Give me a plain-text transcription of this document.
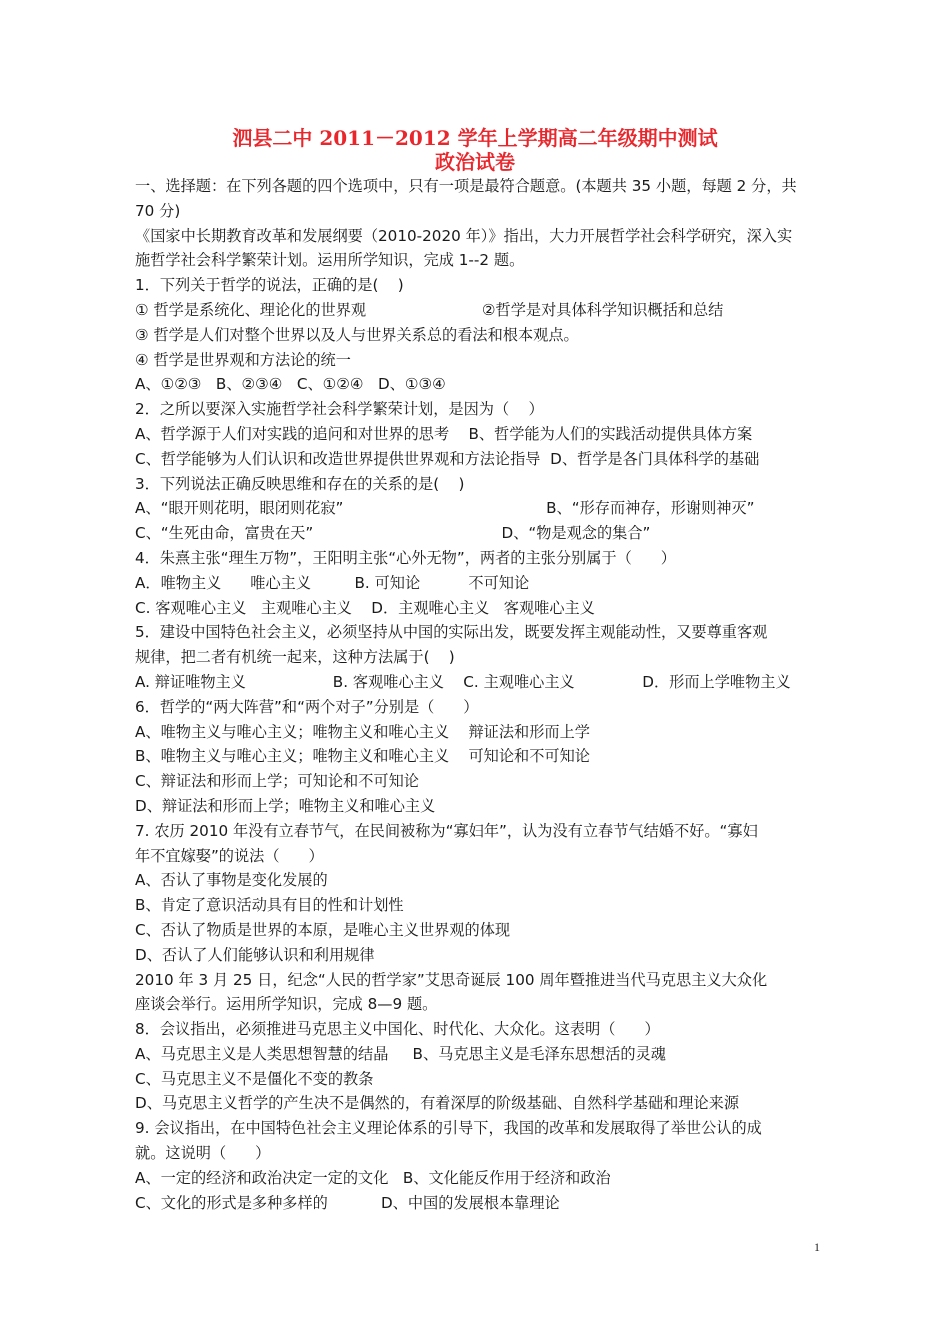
泗县二中 2011－2012 学年上学期高二年级期中测试
政治试卷
一、选择题：在下列各题的四个选项中，只有一项是最符合题意。(本题共 35 小题，每题 2 分，共
70 分)
《国家中长期教育改革和发展纲要（2010-2020 年）》指出，大力开展哲学社会科学研究，深入实
施哲学社会科学繁荣计划。运用所学知识，完成 1--2 题。
1．下列关于哲学的说法，正确的是(    )
① 哲学是系统化、理论化的世界观                        ②哲学是对具体科学知识概括和总结
③ 哲学是人们对整个世界以及人与世界关系总的看法和根本观点。
④ 哲学是世界观和方法论的统一
A、①②③   B、②③④   C、①②④   D、①③④
2．之所以要深入实施哲学社会科学繁荣计划，是因为（    ）
A、哲学源于人们对实践的追问和对世界的思考    B、哲学能为人们的实践活动提供具体方案
C、哲学能够为人们认识和改造世界提供世界观和方法论指导  D、哲学是各门具体科学的基础
3．下列说法正确反映思维和存在的关系的是(    )
A、“眼开则花明，眼闭则花寂”                                          B、“形存而神存，形谢则神灭”
C、“生死由命，富贵在天”                                       D、“物是观念的集合”
4．朱熹主张“理生万物”，王阳明主张“心外无物”，两者的主张分别属于（      ）
A．唯物主义      唯心主义         B. 可知论          不可知论
C. 客观唯心主义   主观唯心主义    D．主观唯心主义   客观唯心主义
5．建设中国特色社会主义，必须坚持从中国的实际出发，既要发挥主观能动性，又要尊重客观
规律，把二者有机统一起来，这种方法属于(    )
A. 辩证唯物主义                  B. 客观唯心主义    C. 主观唯心主义              D．形而上学唯物主义
6．哲学的“两大阵营”和“两个对子”分别是（      ）
A、唯物主义与唯心主义；唯物主义和唯心主义    辩证法和形而上学
B、唯物主义与唯心主义；唯物主义和唯心主义    可知论和不可知论
C、辩证法和形而上学；可知论和不可知论
D、辩证法和形而上学；唯物主义和唯心主义
7. 农历 2010 年没有立春节气，在民间被称为“寡妇年”，认为没有立春节气结婚不好。“寡妇
年不宜嫁娶”的说法（      ）
A、否认了事物是变化发展的
B、肯定了意识活动具有目的性和计划性
C、否认了物质是世界的本原，是唯心主义世界观的体现
D、否认了人们能够认识和利用规律
2010 年 3 月 25 日，纪念“人民的哲学家”艾思奇诞辰 100 周年暨推进当代马克思主义大众化
座谈会举行。运用所学知识，完成 8—9 题。
8．会议指出，必须推进马克思主义中国化、时代化、大众化。这表明（      ）
A、马克思主义是人类思想智慧的结晶     B、马克思主义是毛泽东思想活的灵魂
C、马克思主义不是僵化不变的教条
D、马克思主义哲学的产生决不是偶然的，有着深厚的阶级基础、自然科学基础和理论来源
9. 会议指出，在中国特色社会主义理论体系的引导下，我国的改革和发展取得了举世公认的成
就。这说明（      ）
A、一定的经济和政治决定一定的文化   B、文化能反作用于经济和政治
C、文化的形式是多种多样的           D、中国的发展根本靠理论
1
